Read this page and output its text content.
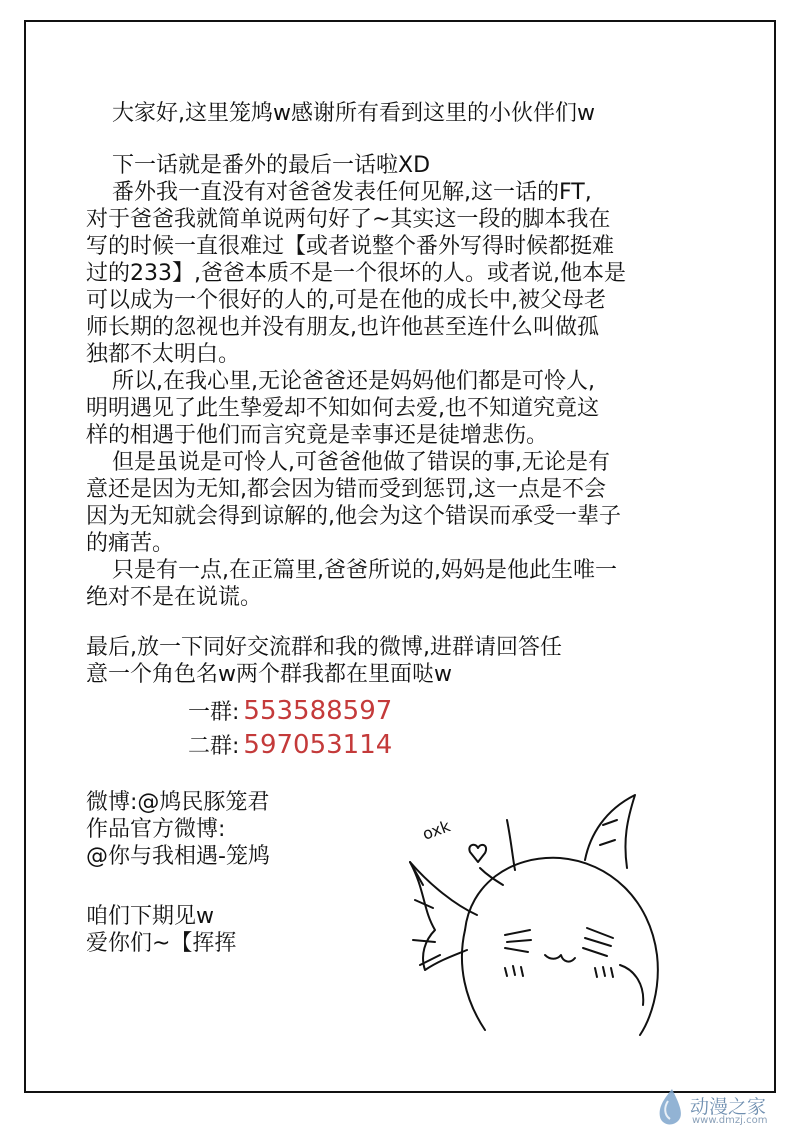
大家好,这里笼鸠w感谢所有看到这里的小伙伴们w
下一话就是番外的最后一话啦XD
番外我一直没有对爸爸发表任何见解,这一话的FT,
对于爸爸我就简单说两句好了~其实这一段的脚本我在
写的时候一直很难过【或者说整个番外写得时候都挺难
过的233】,爸爸本质不是一个很坏的人。或者说,他本是
可以成为一个很好的人的,可是在他的成长中,被父母老
师长期的忽视也并没有朋友,也许他甚至连什么叫做孤
独都不太明白。
所以,在我心里,无论爸爸还是妈妈他们都是可怜人,
明明遇见了此生挚爱却不知如何去爱,也不知道究竟这
样的相遇于他们而言究竟是幸事还是徒增悲伤。
但是虽说是可怜人,可爸爸他做了错误的事,无论是有
意还是因为无知,都会因为错而受到惩罚,这一点是不会
因为无知就会得到谅解的,他会为这个错误而承受一辈子
的痛苦。
只是有一点,在正篇里,爸爸所说的,妈妈是他此生唯一
绝对不是在说谎。
最后,放一下同好交流群和我的微博,进群请回答任
意一个角色名w两个群我都在里面哒w
一群: 553588597
二群: 597053114
微博:@鸠民豚笼君
作品官方微博:
@你与我相遇-笼鸠
咱们下期见w
爱你们~【挥挥
oxk
动漫之家
www.dmzj.com
